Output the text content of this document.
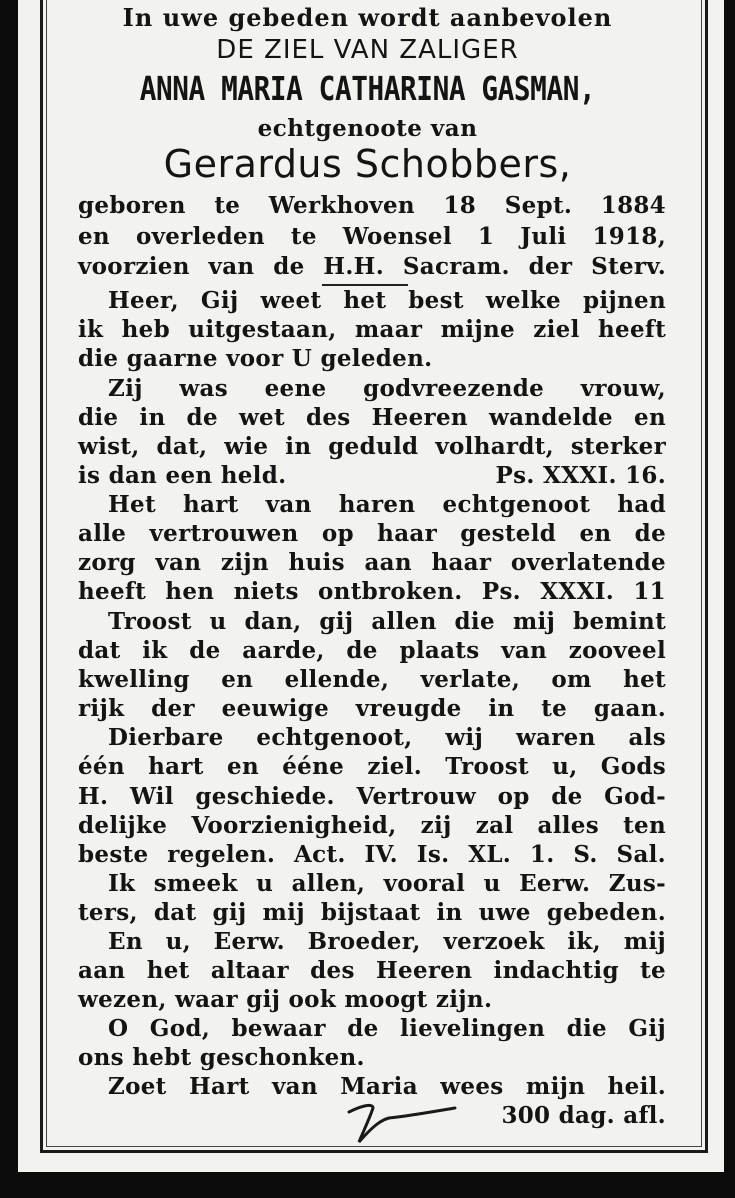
In uwe gebeden wordt aanbevolen
DE ZIEL VAN ZALIGER
ANNA MARIA CATHARINA GASMAN,
echtgenoote van
Gerardus Schobbers,
geboren te Werkhoven 18 Sept. 1884
en overleden te Woensel 1 Juli 1918,
voorzien van de H.H. Sacram. der Sterv.
Heer, Gij weet het best welke pijnen
ik heb uitgestaan, maar mijne ziel heeft
die gaarne voor U geleden.
Zij was eene godvreezende vrouw,
die in de wet des Heeren wandelde en
wist, dat, wie in geduld volhardt, sterker
is dan een held.	Ps. XXXI. 16.
Het hart van haren echtgenoot had
alle vertrouwen op haar gesteld en de
zorg van zijn huis aan haar overlatende
heeft hen niets ontbroken. Ps. XXXI. 11
Troost u dan, gij allen die mij bemint
dat ik de aarde, de plaats van zooveel
kwelling en ellende, verlate, om het
rijk der eeuwige vreugde in te gaan.
Dierbare echtgenoot, wij waren als
één hart en ééne ziel. Troost u, Gods
H. Wil geschiede. Vertrouw op de God-
delijke Voorzienigheid, zij zal alles ten
beste regelen. Act. IV. Is. XL. 1. S. Sal.
Ik smeek u allen, vooral u Eerw. Zus-
ters, dat gij mij bijstaat in uwe gebeden.
En u, Eerw. Broeder, verzoek ik, mij
aan het altaar des Heeren indachtig te
wezen, waar gij ook moogt zijn.
O God, bewaar de lievelingen die Gij
ons hebt geschonken.
Zoet Hart van Maria wees mijn heil.
300 dag. afl.
